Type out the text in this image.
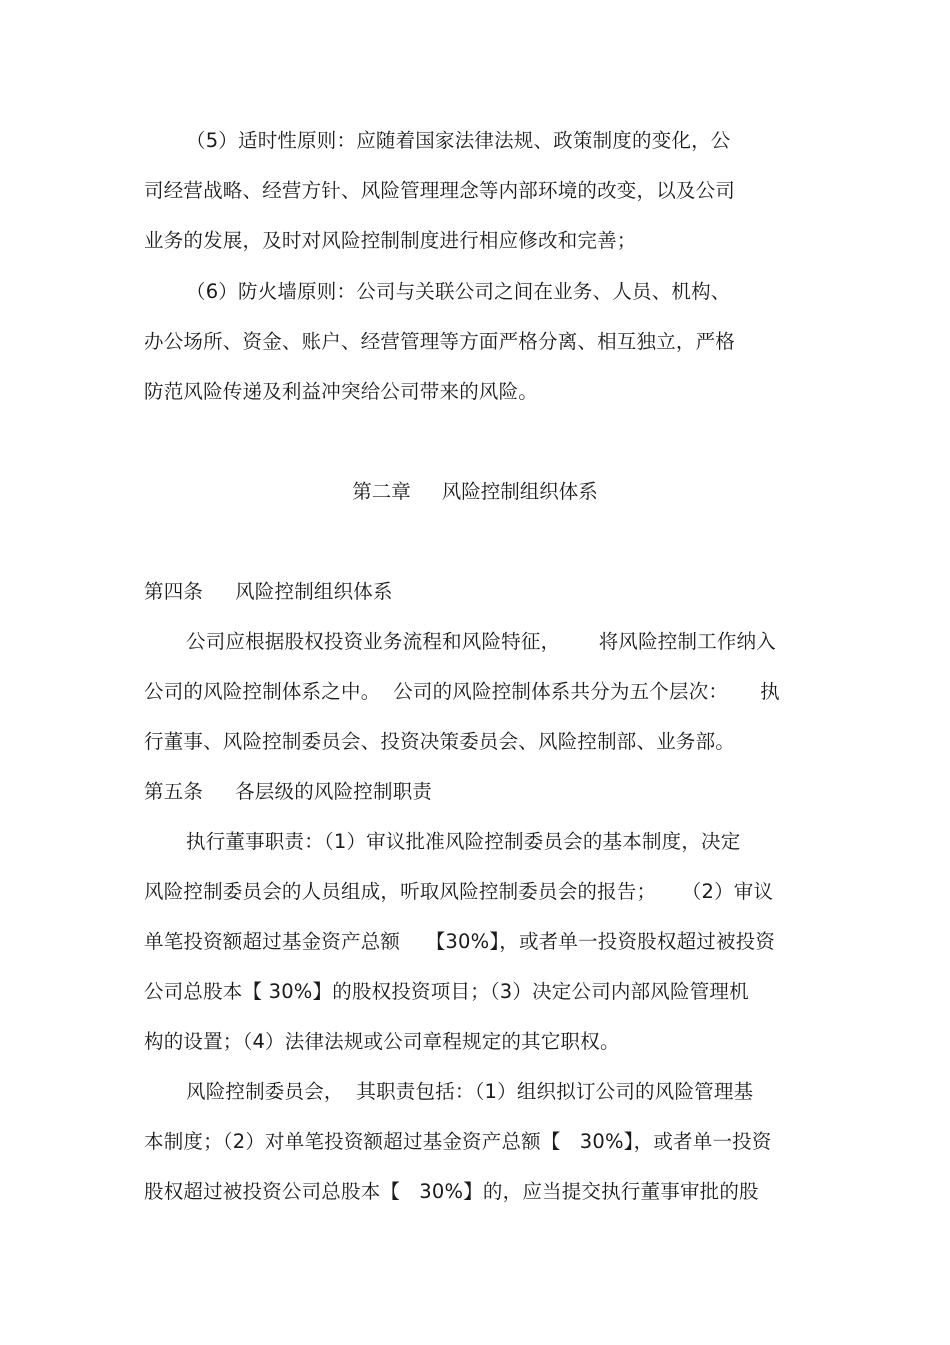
（5）适时性原则：应随着国家法律法规、政策制度的变化，公
司经营战略、经营方针、风险管理理念等内部环境的改变，以及公司
业务的发展，及时对风险控制制度进行相应修改和完善；
（6）防火墙原则：公司与关联公司之间在业务、人员、机构、
办公场所、资金、账户、经营管理等方面严格分离、相互独立，严格
防范风险传递及利益冲突给公司带来的风险。
第二章     风险控制组织体系
第四条     风险控制组织体系
公司应根据股权投资业务流程和风险特征，      将风险控制工作纳入
公司的风险控制体系之中。  公司的风险控制体系共分为五个层次：     执
行董事、风险控制委员会、投资决策委员会、风险控制部、业务部。
第五条     各层级的风险控制职责
执行董事职责：（1）审议批准风险控制委员会的基本制度，决定
风险控制委员会的人员组成，听取风险控制委员会的报告；    （2）审议
单笔投资额超过基金资产总额    【30%】，或者单一投资股权超过被投资
公司总股本【 30%】的股权投资项目；（3）决定公司内部风险管理机
构的设置；（4）法律法规或公司章程规定的其它职权。
风险控制委员会，  其职责包括：（1）组织拟订公司的风险管理基
本制度；（2）对单笔投资额超过基金资产总额【   30%】，或者单一投资
股权超过被投资公司总股本【   30%】的，应当提交执行董事审批的股
